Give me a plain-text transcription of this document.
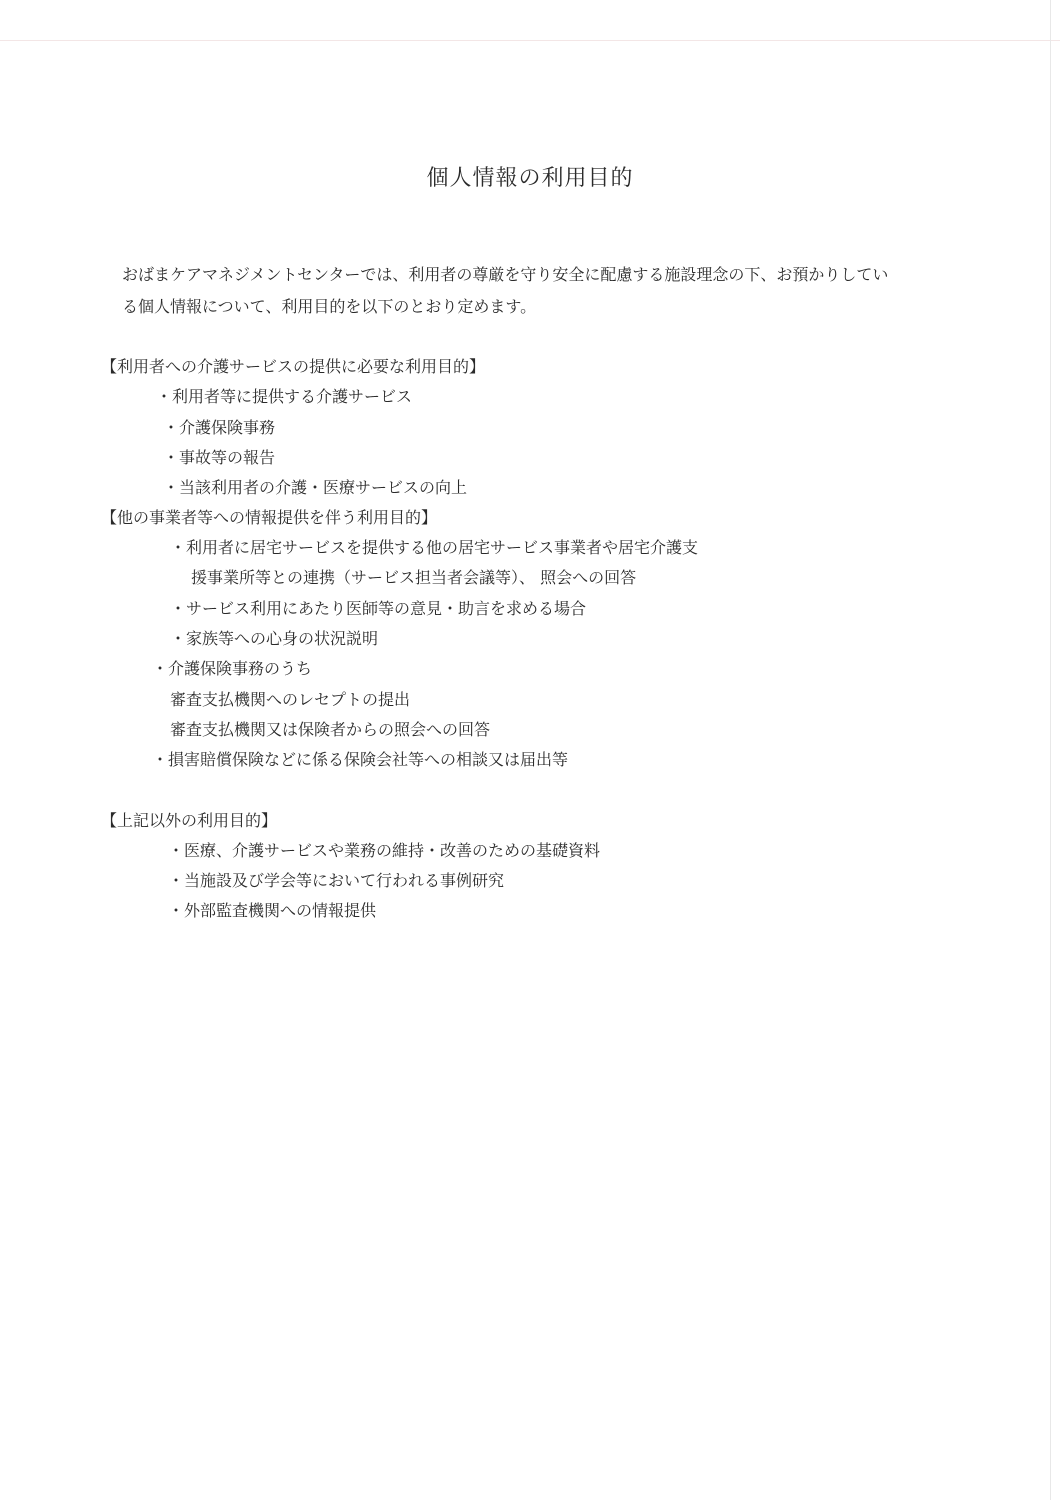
個人情報の利用目的
おばまケアマネジメントセンターでは、利用者の尊厳を守り安全に配慮する施設理念の下、お預かりしてい
る個人情報について、利用目的を以下のとおり定めます。
【利用者への介護サービスの提供に必要な利用目的】
・利用者等に提供する介護サービス
・介護保険事務
・事故等の報告
・当該利用者の介護・医療サービスの向上
【他の事業者等への情報提供を伴う利用目的】
・利用者に居宅サービスを提供する他の居宅サービス事業者や居宅介護支
援事業所等との連携（サービス担当者会議等）、 照会への回答
・サービス利用にあたり医師等の意見・助言を求める場合
・家族等への心身の状況説明
・介護保険事務のうち
審査支払機関へのレセプトの提出
審査支払機関又は保険者からの照会への回答
・損害賠償保険などに係る保険会社等への相談又は届出等
【上記以外の利用目的】
・医療、介護サービスや業務の維持・改善のための基礎資料
・当施設及び学会等において行われる事例研究
・外部監査機関への情報提供
